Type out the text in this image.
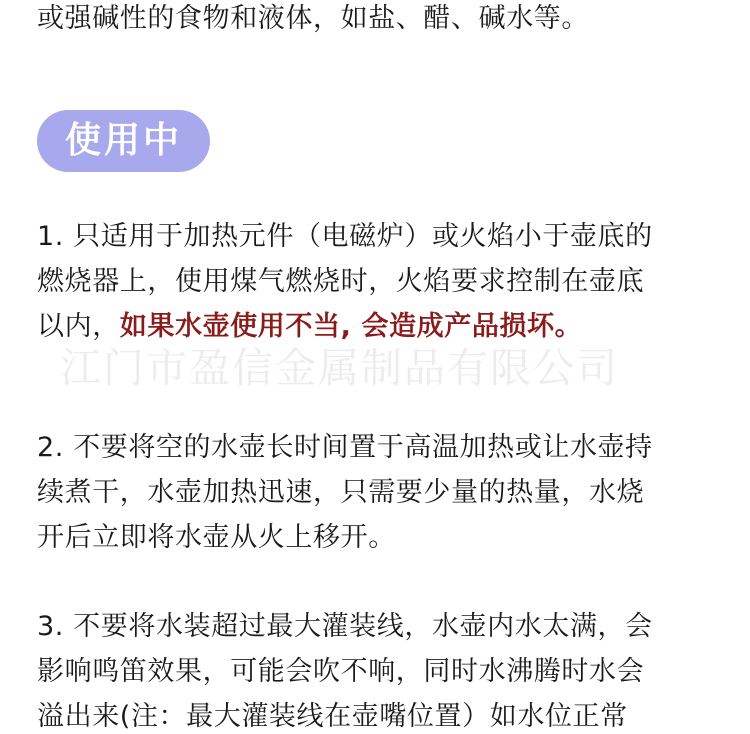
或强碱性的食物和液体，如盐、醋、碱水等。
使用中
1. 只适用于加热元件（电磁炉）或火焰小于壶底的
燃烧器上，使用煤气燃烧时，火焰要求控制在壶底
以内，如果水壶使用不当, 会造成产品损坏。
江门市盈信金属制品有限公司
2. 不要将空的水壶长时间置于高温加热或让水壶持
续煮干，水壶加热迅速，只需要少量的热量，水烧
开后立即将水壶从火上移开。
3. 不要将水装超过最大灌装线，水壶内水太满，会
影响鸣笛效果，可能会吹不响，同时水沸腾时水会
溢出来(注：最大灌装线在壶嘴位置）如水位正常
